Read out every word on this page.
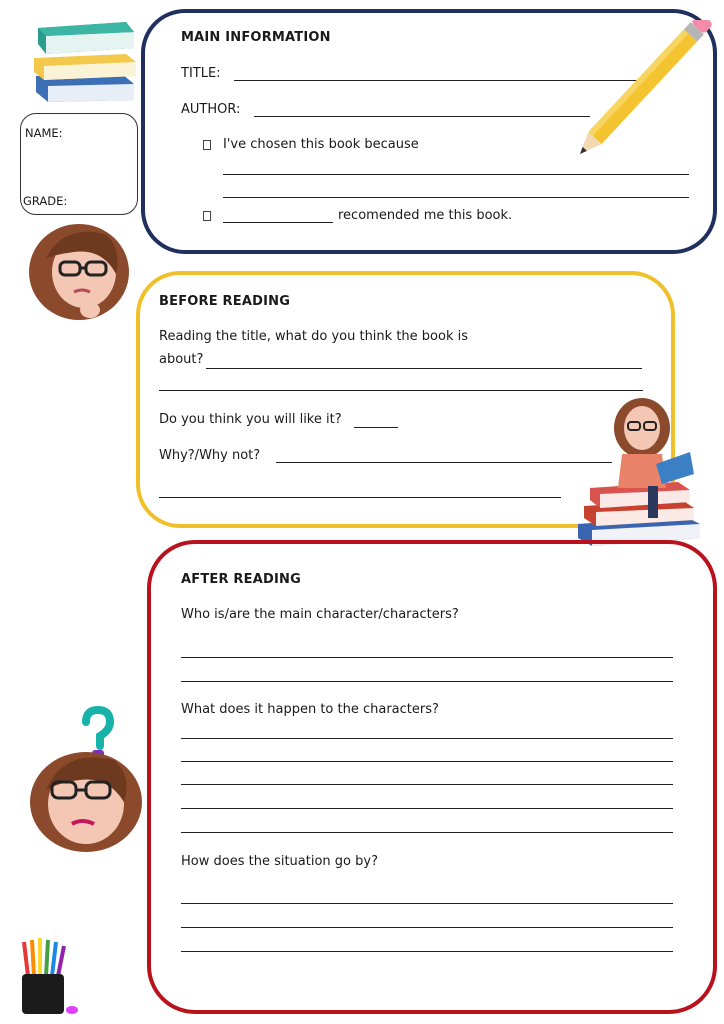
NAME:
GRADE:
MAIN INFORMATION
TITLE:
AUTHOR:
I've chosen this book because
recomended me this book.
BEFORE READING
Reading the title, what do you think the book is
about?
Do you think you will like it?
Why?/Why not?
AFTER READING
Who is/are the main character/characters?
What does it happen to the characters?
How does the situation go by?
